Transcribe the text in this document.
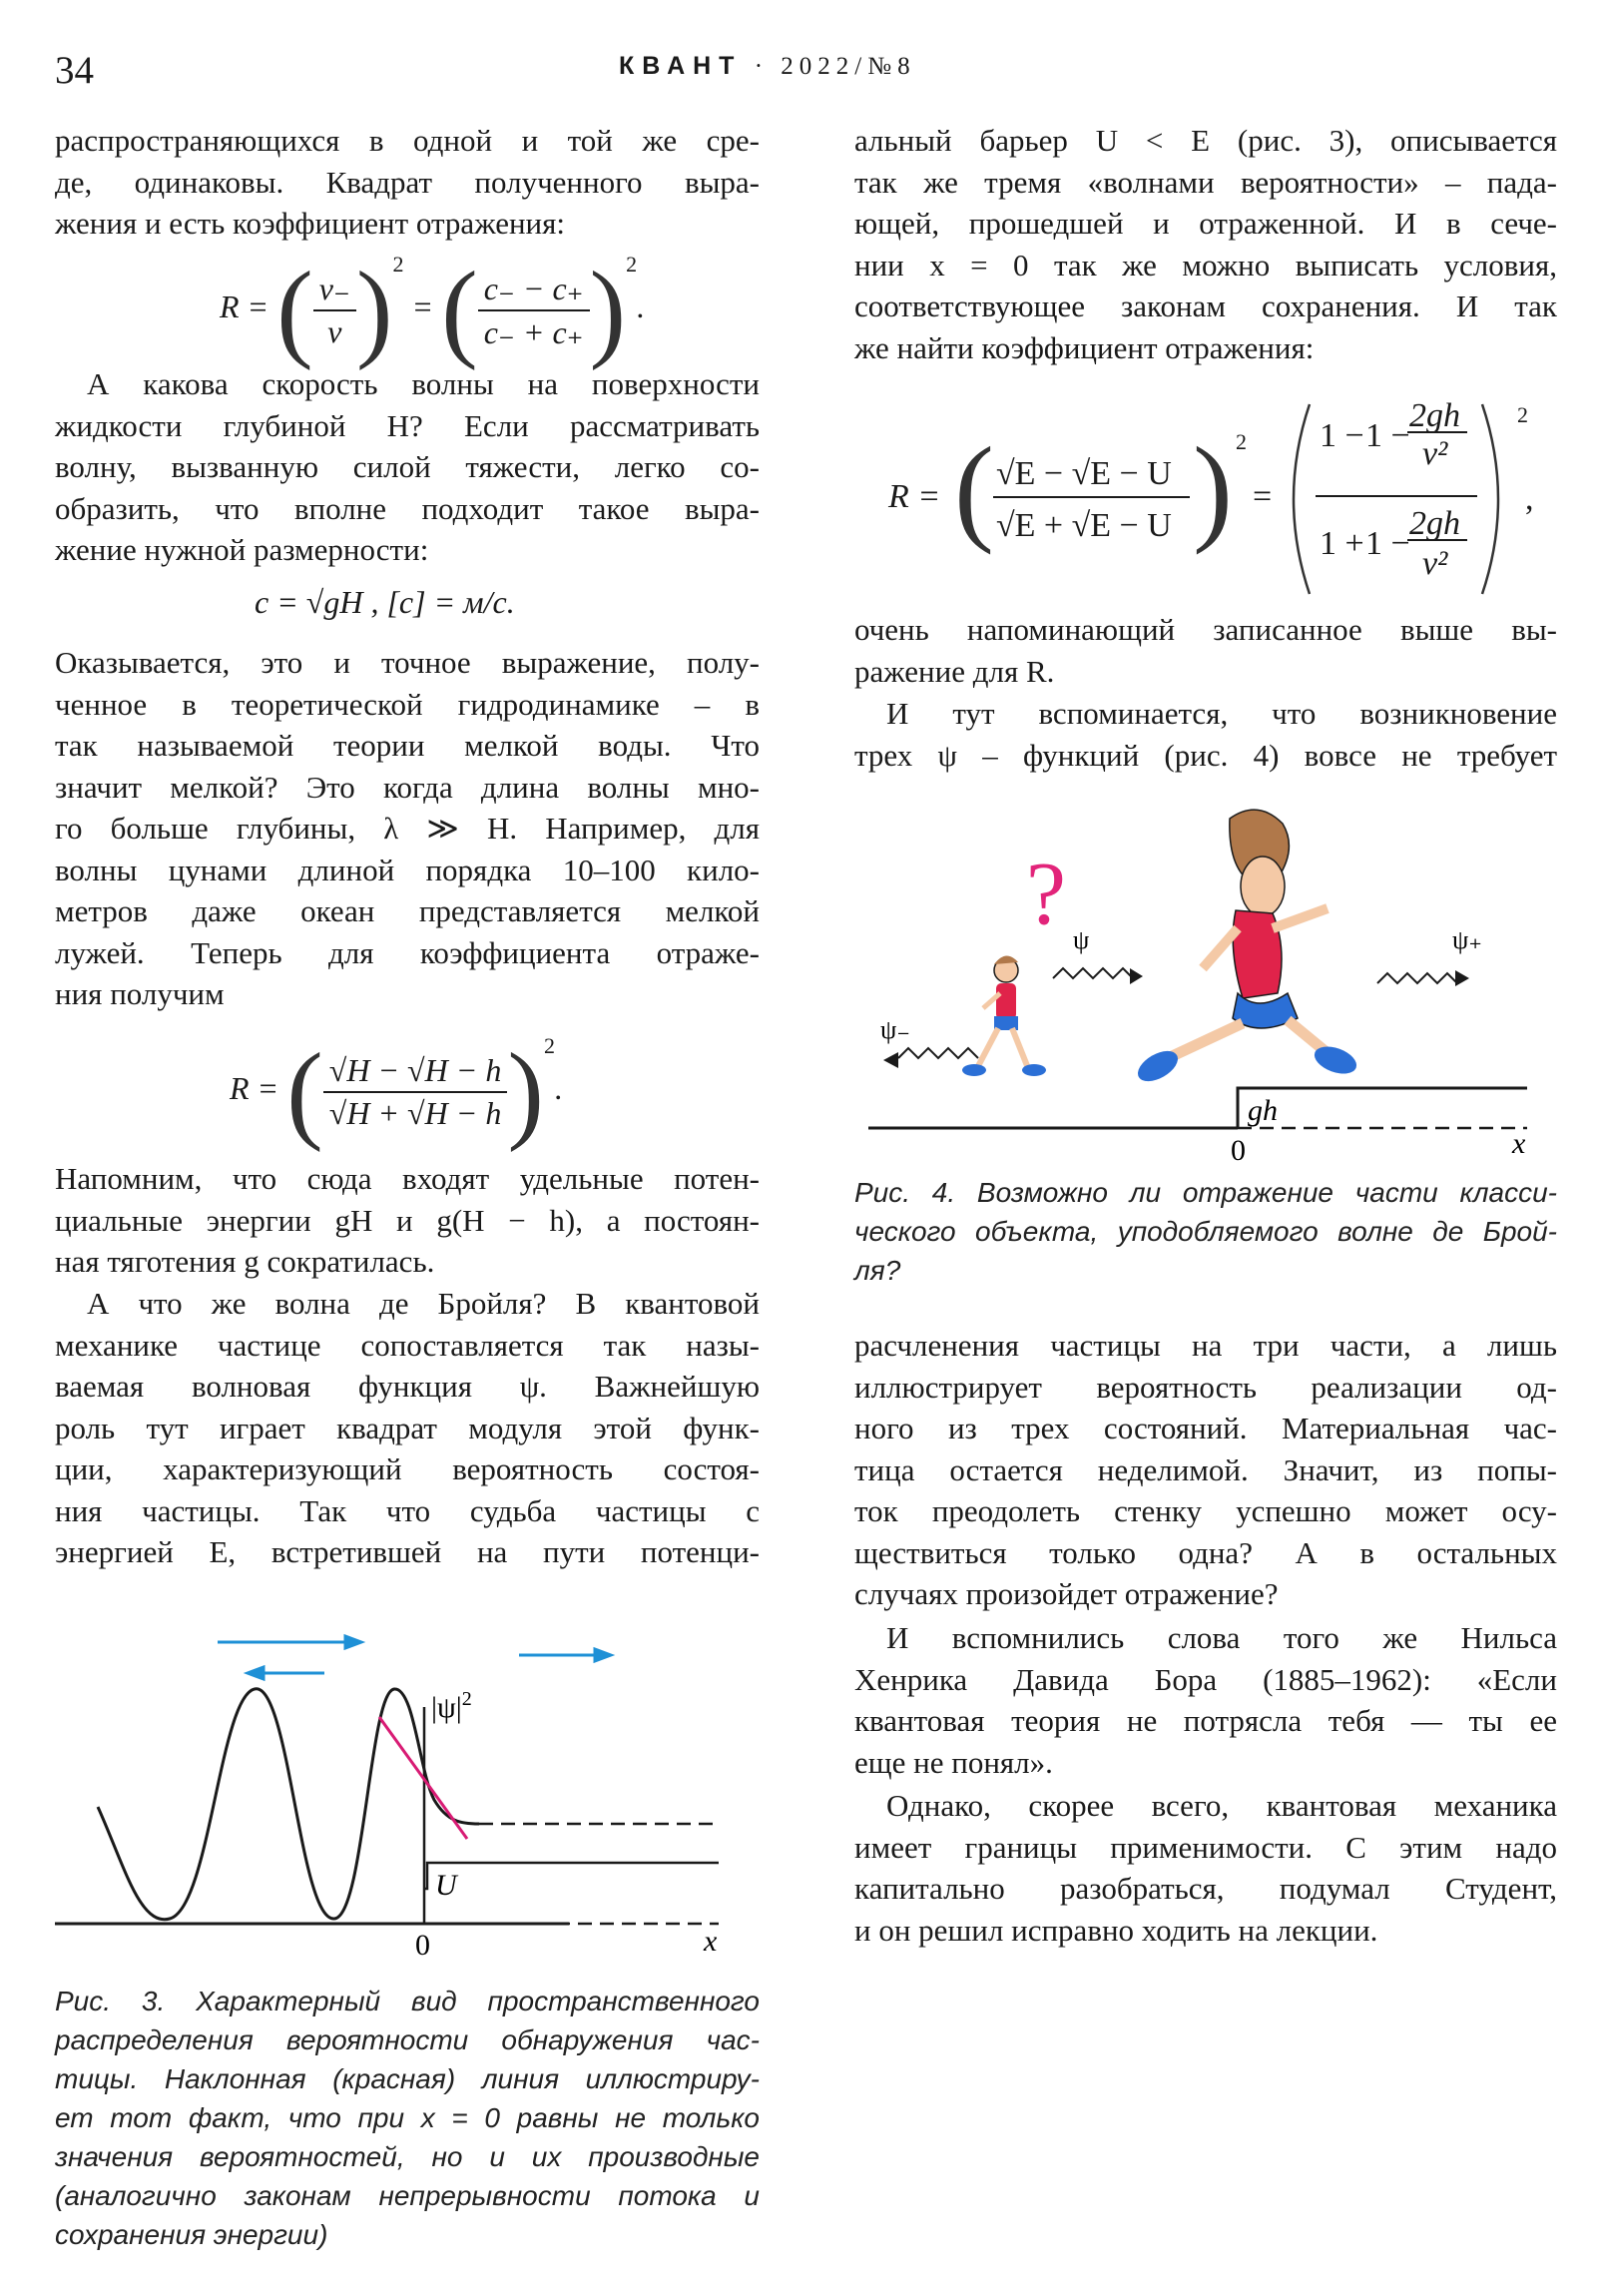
34	КВАНТ · 2022/№8

распространяющихся в одной и той же сре-

де, одинаковы. Квадрат полученного выра-

жения и есть коэффициент отражения:

R = ( $\frac{v_-}{v} )^2$ = ( $\frac{c_- - c_+}{c_- + c_+} )^2$.

А какова скорость волны на поверхности

жидкости глубиной H? Если рассматривать

волну, вызванную силой тяжести, легко со-

образить, что вполне подходит такое выра-

жение нужной размерности:

c = √gH , [c] = м/с.

Оказывается, это и точное выражение, полу-

ченное в теоретической гидродинамике – в

так называемой теории мелкой воды. Что

значит мелкой? Это когда длина волны мно-

го больше глубины, λ ≫ H. Например, для

волны цунами длиной порядка 10–100 кило-

метров даже океан представляется мелкой

лужей. Теперь для коэффициента отраже-

ния получим

R = ( $\frac{√H - √H - h}{√H + √H - h} )^2$.

Напомним, что сюда входят удельные потен-

циальные энергии gH и g(H − h), а постоян-

ная тяготения g сократилась.

А что же волна де Бройля? В квантовой

механике частице сопоставляется так назы-

ваемая волновая функция ψ. Важнейшую

роль тут играет квадрат модуля этой функ-

ции, характеризующий вероятность состоя-

ния частицы. Так что судьба частицы с

энергией E, встретившей на пути потенци-

$|\psi|^2$
U
0	x

Рис. 3. Характерный вид пространственного

распределения вероятности обнаружения час-

тицы. Наклонная (красная) линия иллюстриру-

ет тот факт, что при x = 0 равны не только

значения вероятностей, но и их производные

(аналогично законам непрерывности потока и

сохранения энергии)

альный барьер U < E (рис. 3), описывается

так же тремя «волнами вероятности» – пада-

ющей, прошедшей и отраженной. И в сече-

нии x = 0 так же можно выписать условия,

соответствующее законам сохранения. И так

же найти коэффициент отражения:

R = ( √E − √E − U
√E + √E − U ) 2
=
2
1 − 1 −
2gh
v²
1 + 1 −
2gh
v²
,

очень напоминающий записанное выше вы-

ражение для R.

И тут вспоминается, что возникновение

трех ψ – функций (рис. 4) вовсе не требует

gh
0	x
? ψ
ψ₋
ψ₊

Рис. 4. Возможно ли отражение части класси-

ческого объекта, уподобляемого волне де Брой-

ля?

расчленения частицы на три части, а лишь

иллюстрирует вероятность реализации од-

ного из трех состояний. Материальная час-

тица остается неделимой. Значит, из попы-

ток преодолеть стенку успешно может осу-

ществиться только одна? А в остальных

случаях произойдет отражение?

И вспомнились слова того же Нильса

Хенрика Давида Бора (1885–1962): «Если

квантовая теория не потрясла тебя — ты ее

еще не понял».

Однако, скорее всего, квантовая механика

имеет границы применимости. С этим надо

капитально разобраться, подумал Студент,

и он решил исправно ходить на лекции.
